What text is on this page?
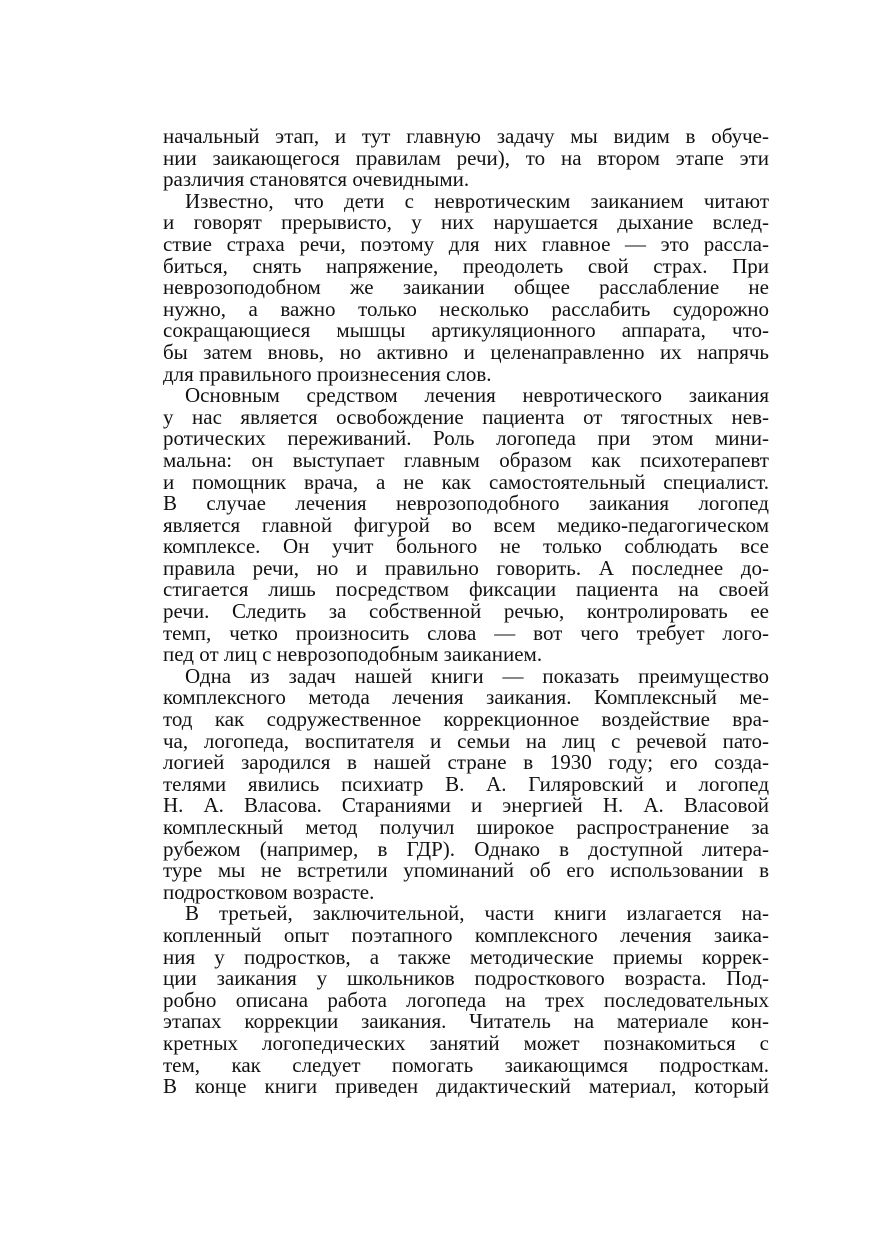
начальный этап, и тут главную задачу мы видим в обуче-
нии заикающегося правилам речи), то на втором этапе эти
различия становятся очевидными.
Известно, что дети с невротическим заиканием читают
и говорят прерывисто, у них нарушается дыхание вслед-
ствие страха речи, поэтому для них главное — это рассла-
биться, снять напряжение, преодолеть свой страх. При
неврозоподобном же заикании общее расслабление не
нужно, а важно только несколько расслабить судорожно
сокращающиеся мышцы артикуляционного аппарата, что-
бы затем вновь, но активно и целенаправленно их напрячь
для правильного произнесения слов.
Основным средством лечения невротического заикания
у нас является освобождение пациента от тягостных нев-
ротических переживаний. Роль логопеда при этом мини-
мальна: он выступает главным образом как психотерапевт
и помощник врача, а не как самостоятельный специалист.
В случае лечения неврозоподобного заикания логопед
является главной фигурой во всем медико-педагогическом
комплексе. Он учит больного не только соблюдать все
правила речи, но и правильно говорить. А последнее до-
стигается лишь посредством фиксации пациента на своей
речи. Следить за собственной речью, контролировать ее
темп, четко произносить слова — вот чего требует лого-
пед от лиц с неврозоподобным заиканием.
Одна из задач нашей книги — показать преимущество
комплексного метода лечения заикания. Комплексный ме-
тод как содружественное коррекционное воздействие вра-
ча, логопеда, воспитателя и семьи на лиц с речевой пато-
логией зародился в нашей стране в 1930 году; его созда-
телями явились психиатр В. А. Гиляровский и логопед
Н. А. Власова. Стараниями и энергией Н. А. Власовой
комплескный метод получил широкое распространение за
рубежом (например, в ГДР). Однако в доступной литера-
туре мы не встретили упоминаний об его использовании в
подростковом возрасте.
В третьей, заключительной, части книги излагается на-
копленный опыт поэтапного комплексного лечения заика-
ния у подростков, а также методические приемы коррек-
ции заикания у школьников подросткового возраста. Под-
робно описана работа логопеда на трех последовательных
этапах коррекции заикания. Читатель на материале кон-
кретных логопедических занятий может познакомиться с
тем, как следует помогать заикающимся подросткам.
В конце книги приведен дидактический материал, который
